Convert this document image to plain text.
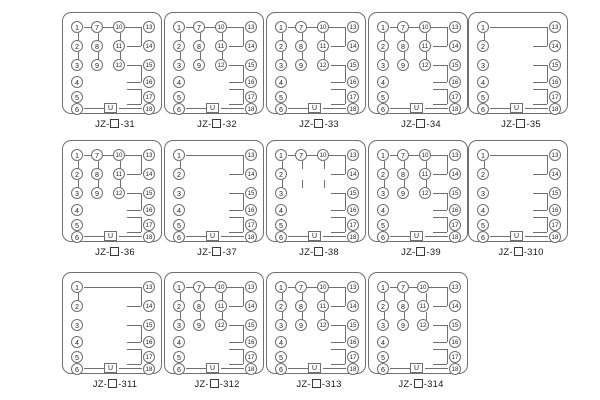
U
1	7	10	13
2	8	11	14
3	9	12	15
4	16
5	17
6	18
JZ- -31
U
1	7	10	13
2	8	11	14
3	9	12	15
4	16
5	17
6	18
JZ- -32
U
1	7	10	13
2	8	11	14
3	9	12	15
4	16
5	17
6	18
JZ- -33
U
1	7	10	13
2	8	11	14
3	9	12	15
4	16
5	17
6	18
JZ- -34
U
1	13
2	14
3	15
4	16
5	17
6	18
JZ- -35
U
1	7	10	13
2	8	11	14
3	9	12	15
4	16
5	17
6	18
JZ- -36
U
1	13
2	14
3	15
4	16
5	17
6	18
JZ- -37
U
1	7	10	13
2	14
3	15
4	16
5	17
6	18
JZ- -38
U
1	7	10	13
2	8	11	14
3	9	12	15
4	16
5	17
6	18
JZ- -39
U
1	13
2	14
3	15
4	16
5	17
6	18
JZ- -310
U
1	13
2	14
3	15
4	16
5	17
6	18
JZ- -311
U
1	7	10	13
2	8	11	14
3	9	12	15
4	16
5	17
6	18
JZ- -312
U
1	7	10	13
2	8	11	14
3	9	12	15
4	16
5	17
6	18
JZ- -313
U
1	7	10	13
2	8	11	14
3	9	12	15
4	16
5	17
6	18
JZ- -314
